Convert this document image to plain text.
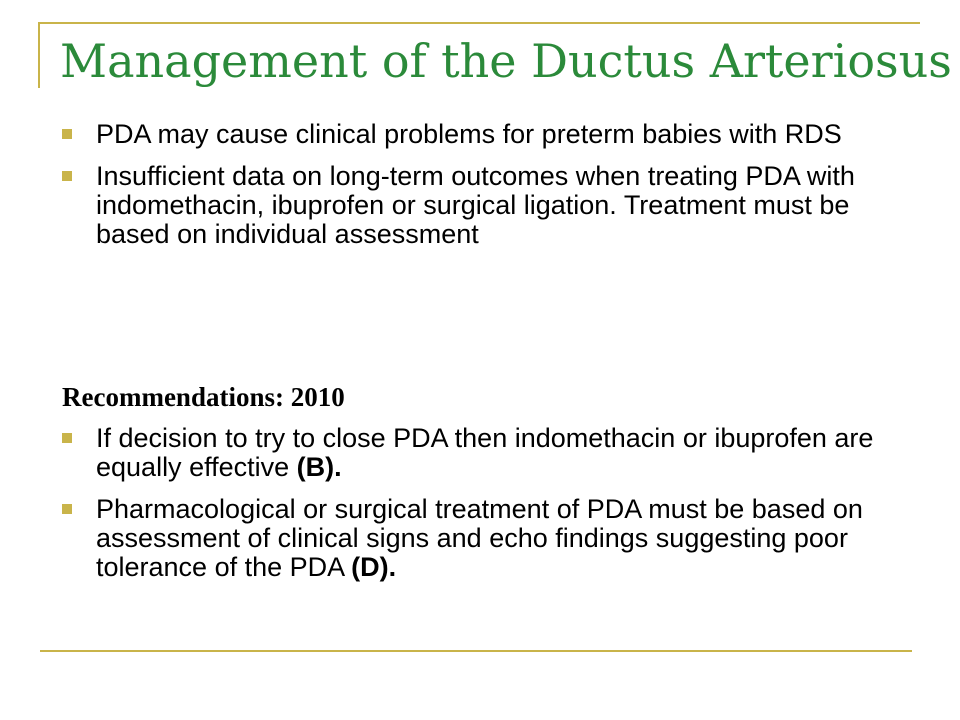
Management of the Ductus Arteriosus
PDA may cause clinical problems for preterm babies with RDS
Insufficient data on long-term outcomes when treating PDA with indomethacin, ibuprofen or surgical ligation. Treatment must be based on individual assessment

Recommendations: 2010

If decision to try to close PDA then indomethacin or ibuprofen are equally effective (B).
Pharmacological or surgical treatment of PDA must be based on assessment of clinical signs and echo findings suggesting poor tolerance of the PDA (D).
